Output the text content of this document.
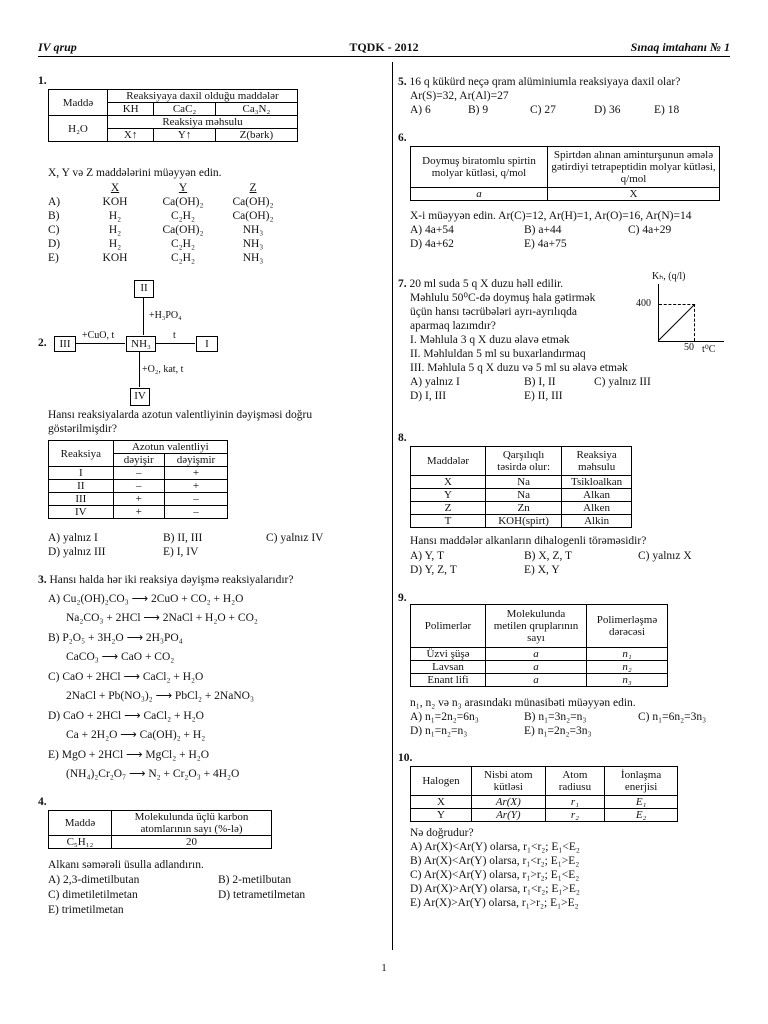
IV qrup	TQDK - 2012	Sınaq imtahanı № 1
1.
Maddə	Reaksiyaya daxil olduğu maddələr		
	KH	CaC₂	Ca₃N₂
H₂O	Reaksiya məhsulu		
	X↑	Y↑	Z(bərk)
X, Y və Z maddələrini müəyyən edin.
X	Y	Z
A)	KOH	Ca(OH)₂	Ca(OH)₂
B)	H₂	C₂H₂	Ca(OH)₂
C)	H₂	Ca(OH)₂	NH₃
D)	H₂	C₂H₂	NH₃
E)	KOH	C₂H₂	NH₃
2.
II
+H₃PO₄
III
+CuO, t
NH₃
t
I
+O₂, kat, t
IV
Hansı reaksiyalarda azotun valentliyinin dəyişməsi doğru göstərilmişdir?
Reaksiya	Azotun valentliyi	
	dəyişir	dəyişmir
I	–	+
II	–	+
III	+	–
IV	+	–
A) yalnız I	B) II, III	C) yalnız IV
D) yalnız III	E) I, IV
3. Hansı halda hər iki reaksiya dəyişmə reaksiyalarıdır?
A) Cu₂(OH)₂CO₃ ⟶ 2CuO + CO₂ + H₂O
Na₂CO₃ + 2HCl ⟶ 2NaCl + H₂O + CO₂
B) P₂O₅ + 3H₂O ⟶ 2H₃PO₄
CaCO₃ ⟶ CaO + CO₂
C) CaO + 2HCl ⟶ CaCl₂ + H₂O
2NaCl + Pb(NO₃)₂ ⟶ PbCl₂ + 2NaNO₃
D) CaO + 2HCl ⟶ CaCl₂ + H₂O
Ca + 2H₂O ⟶ Ca(OH)₂ + H₂
E) MgO + 2HCl ⟶ MgCl₂ + H₂O
(NH₄)₂Cr₂O₇ ⟶ N₂ + Cr₂O₃ + 4H₂O
4.
Maddə	Molekulunda üçlü karbon atomlarının sayı (%-lə)
C₅H₁₂	20
Alkanı səmərəli üsulla adlandırın.
A) 2,3-dimetilbutan	B) 2-metilbutan
C) dimetiletilmetan	D) tetrametilmetan
E) trimetilmetan
5. 16 q kükürd neçə qram alüminiumla reaksiyaya daxil olar?
Ar(S)=32, Ar(Al)=27
A) 6	B) 9	C) 27	D) 36	E) 18
6.
Doymuş biratomlu spirtin molyar kütləsi, q/mol	Spirtdən alınan aminturşunun əmələ gətirdiyi tetrapeptidin molyar kütləsi, q/mol
a	X
X-i müəyyən edin. Ar(C)=12, Ar(H)=1, Ar(O)=16, Ar(N)=14
A) 4a+54	B) a+44	C) 4a+29
D) 4a+62	E) 4a+75
7. 20 ml suda 5 q X duzu həll edilir.
Məhlulu 50⁰C-də doymuş hala gətirmək
üçün hansı təcrübələri ayrı-ayrılıqda
aparmaq lazımdır?
I. Məhlula 3 q X duzu əlavə etmək
II. Məhluldan 5 ml su buxarlandırmaq
III. Məhlula 5 q X duzu və 5 ml su əlavə etmək
A) yalnız I	B) I, II	C) yalnız III
D) I, III	E) II, III
Kₕ, (q/l)
400
50 t⁰C
8.
Maddələr	Qarşılıqlı təsirdə olur:	Reaksiya məhsulu
X	Na	Tsikloalkan
Y	Na	Alkan
Z	Zn	Alken
T	KOH(spirt)	Alkin
Hansı maddələr alkanların dihalogenli törəməsidir?
A) Y, T	B) X, Z, T	C) yalnız X
D) Y, Z, T	E) X, Y
9.
Polimerlər	Molekulunda metilen qruplarının sayı	Polimerləşmə dərəcəsi
Üzvi şüşə	a	n₁
Lavsan	a	n₂
Enant lifi	a	n₃
n₁, n₂ və n₃ arasındakı münasibəti müəyyən edin.
A) n₁=2n₂=6n₃	B) n₁=3n₂=n₃	C) n₁=6n₂=3n₃
D) n₁=n₂=n₃	E) n₁=2n₂=3n₃
10.
Halogen	Nisbi atom kütləsi	Atom radiusu	İonlaşma enerjisi
X	Ar(X)	r₁	E₁
Y	Ar(Y)	r₂	E₂
Nə doğrudur?
A) Ar(X)<Ar(Y) olarsa, r₁<r₂; E₁<E₂
B) Ar(X)<Ar(Y) olarsa, r₁<r₂; E₁>E₂
C) Ar(X)<Ar(Y) olarsa, r₁>r₂; E₁<E₂
D) Ar(X)>Ar(Y) olarsa, r₁<r₂; E₁>E₂
E) Ar(X)>Ar(Y) olarsa, r₁>r₂; E₁>E₂
1
